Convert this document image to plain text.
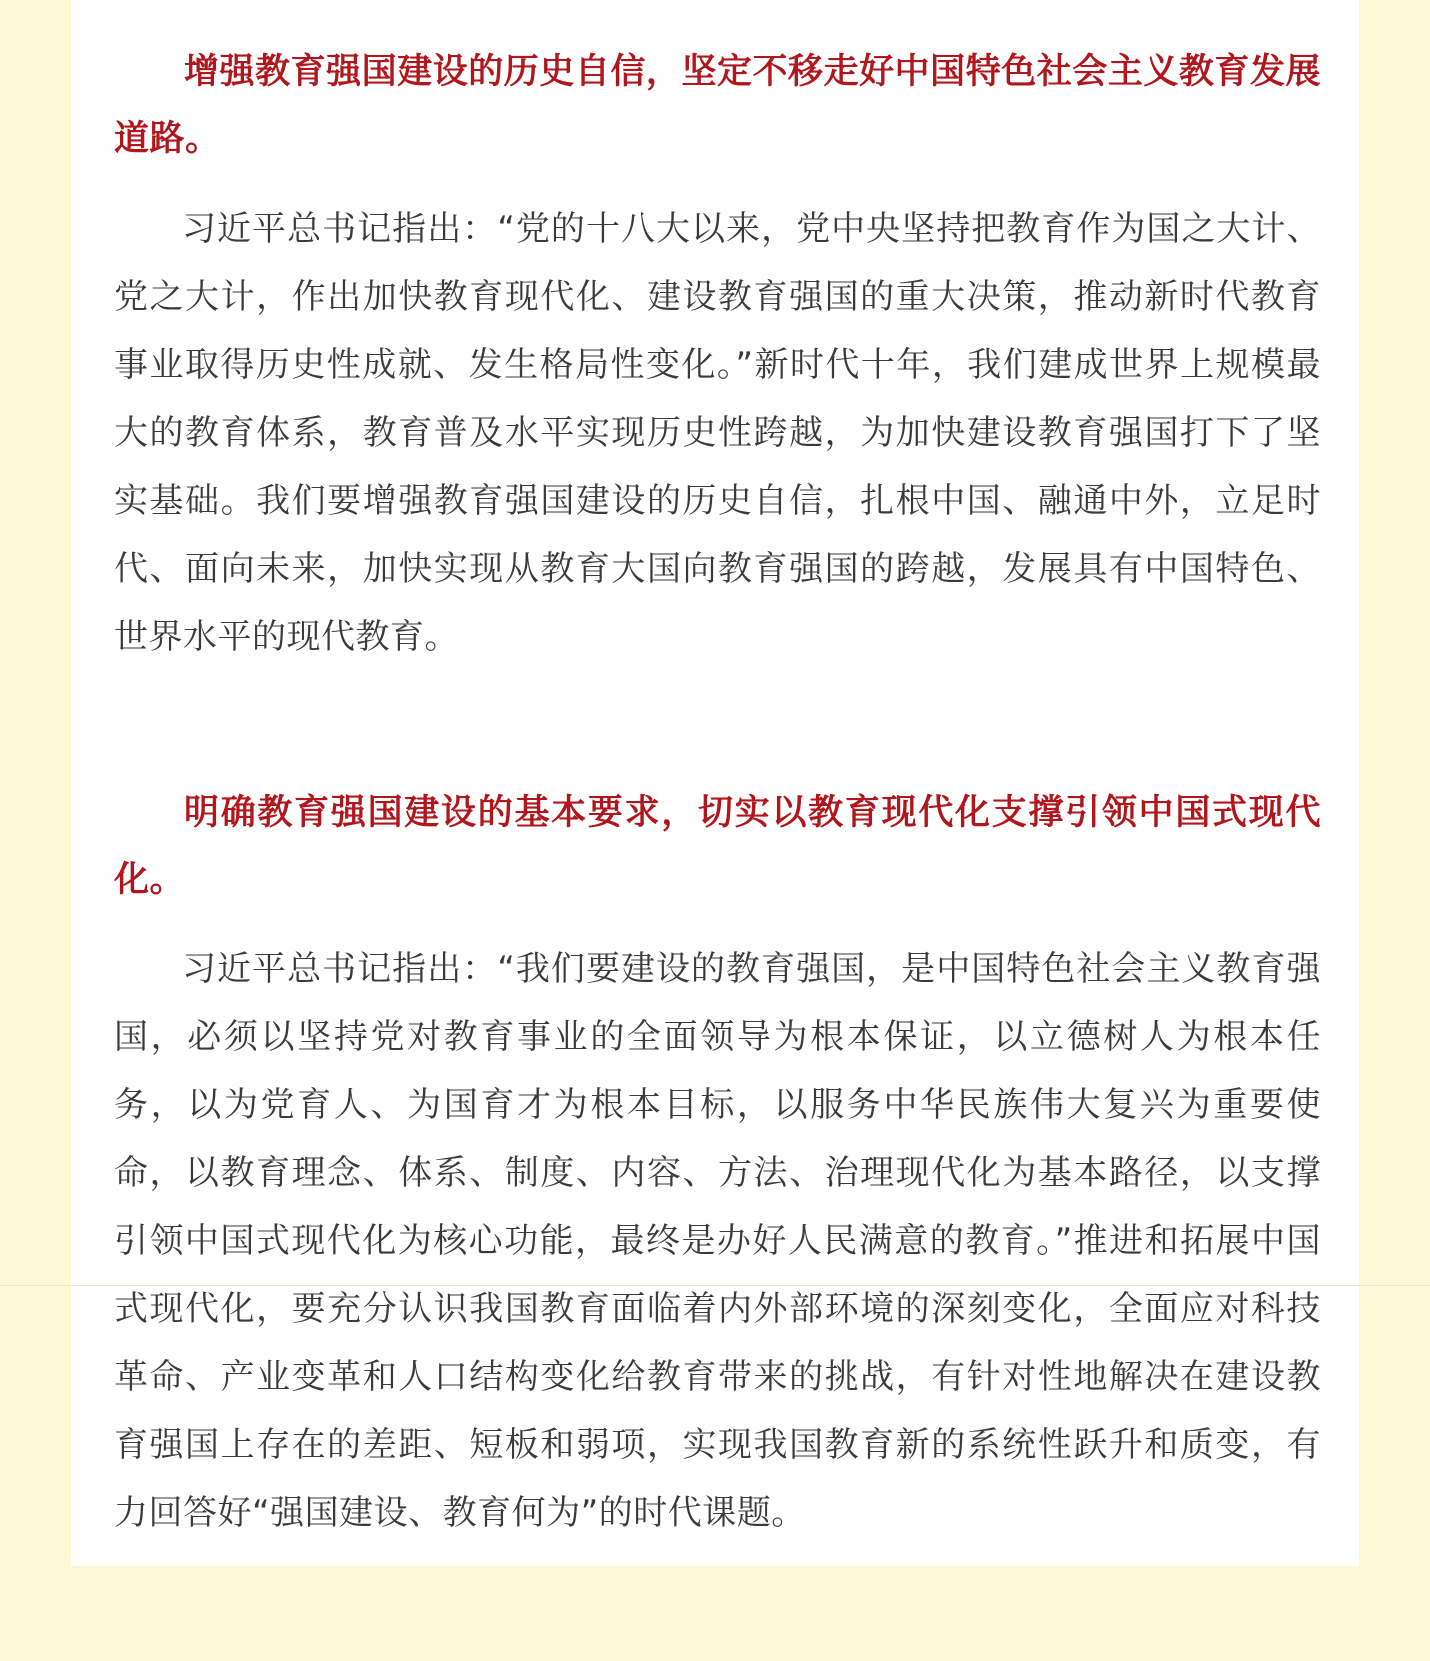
增强教育强国建设的历史自信，坚定不移走好中国特色社会主义教育发展道路。

习近平总书记指出：“党的十八大以来，党中央坚持把教育作为国之大计、党之大计，作出加快教育现代化、建设教育强国的重大决策，推动新时代教育事业取得历史性成就、发生格局性变化。”新时代十年，我们建成世界上规模最大的教育体系，教育普及水平实现历史性跨越，为加快建设教育强国打下了坚实基础。我们要增强教育强国建设的历史自信，扎根中国、融通中外，立足时代、面向未来，加快实现从教育大国向教育强国的跨越，发展具有中国特色、世界水平的现代教育。

明确教育强国建设的基本要求，切实以教育现代化支撑引领中国式现代化。

习近平总书记指出：“我们要建设的教育强国，是中国特色社会主义教育强国，必须以坚持党对教育事业的全面领导为根本保证，以立德树人为根本任务，以为党育人、为国育才为根本目标，以服务中华民族伟大复兴为重要使命，以教育理念、体系、制度、内容、方法、治理现代化为基本路径，以支撑引领中国式现代化为核心功能，最终是办好人民满意的教育。”推进和拓展中国式现代化，要充分认识我国教育面临着内外部环境的深刻变化，全面应对科技革命、产业变革和人口结构变化给教育带来的挑战，有针对性地解决在建设教育强国上存在的差距、短板和弱项，实现我国教育新的系统性跃升和质变，有力回答好“强国建设、教育何为”的时代课题。
